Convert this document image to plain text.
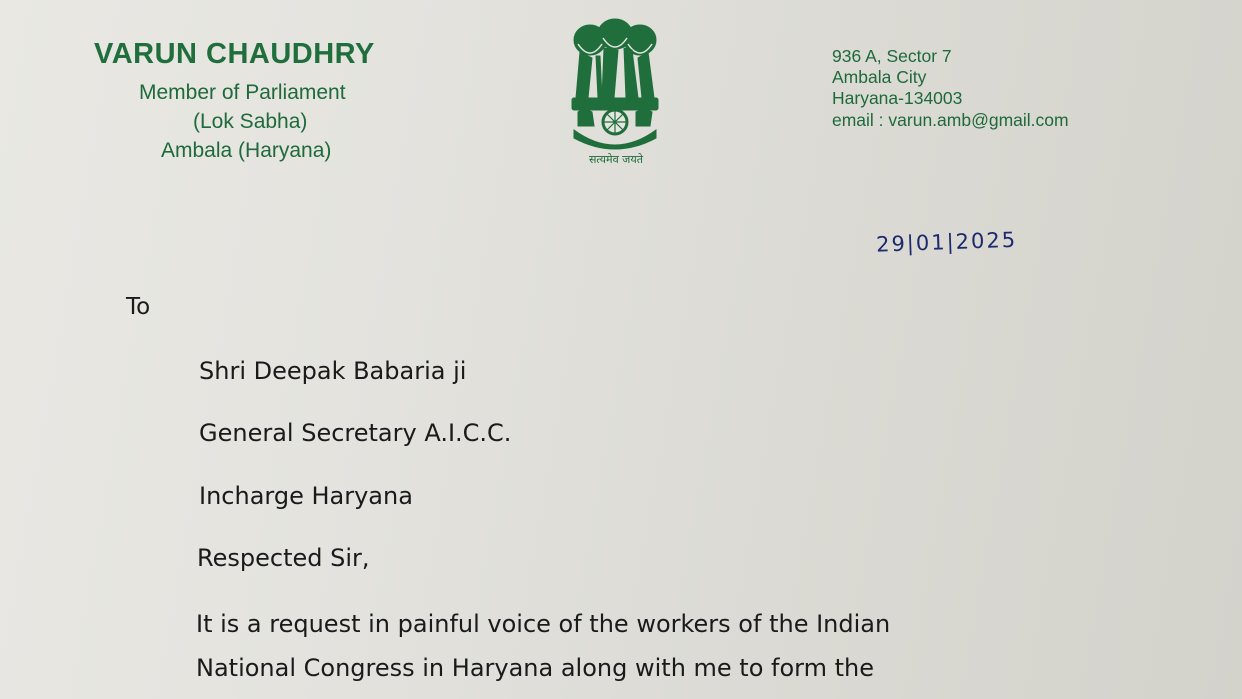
VARUN CHAUDHRY
Member of Parliament
(Lok Sabha)
Ambala (Haryana)	सत्यमेव जयते
936 A, Sector 7
Ambala City
Haryana-134003
email : varun.amb@gmail.com
29|01|2025
To
Shri Deepak Babaria ji
General Secretary A.I.C.C.
Incharge Haryana
Respected Sir,
It is a request in painful voice of the workers of the Indian
National Congress in Haryana along with me to form the
